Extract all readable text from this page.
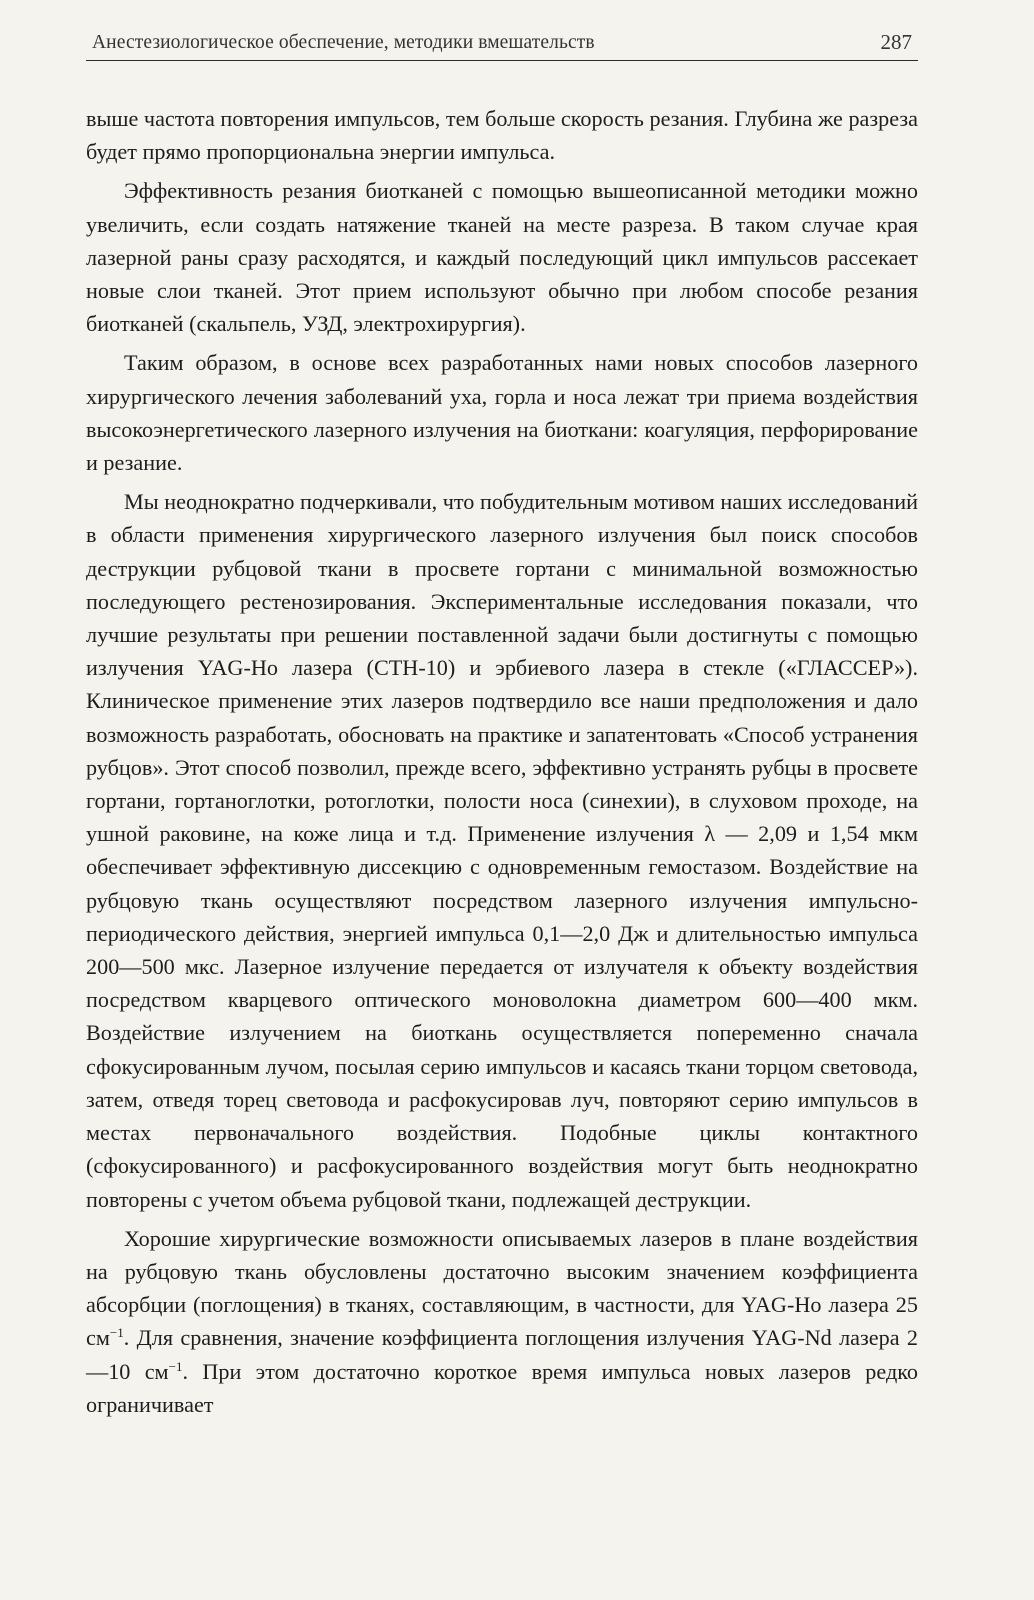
Анестезиологическое обеспечение, методики вмешательств	287

выше частота повторения импульсов, тем больше скорость резания. Глубина же разреза будет прямо пропорциональна энергии импульса.

Эффективность резания биотканей с помощью вышеописанной методики можно увеличить, если создать натяжение тканей на месте разреза. В таком случае края лазерной раны сразу расходятся, и каждый последующий цикл импульсов рассекает новые слои тканей. Этот прием используют обычно при любом способе резания биотканей (скальпель, УЗД, электрохирургия).

Таким образом, в основе всех разработанных нами новых способов лазерного хирургического лечения заболеваний уха, горла и носа лежат три приема воздействия высокоэнергетического лазерного излучения на биоткани: коагуляция, перфорирование и резание.

Мы неоднократно подчеркивали, что побудительным мотивом наших исследований в области применения хирургического лазерного излучения был поиск способов деструкции рубцовой ткани в просвете гортани с минимальной возможностью последующего рестенозирования. Экспериментальные исследования показали, что лучшие результаты при решении поставленной задачи были достигнуты с помощью излучения YAG-Ho лазера (СТН-10) и эрбиевого лазера в стекле («ГЛАССЕР»). Клиническое применение этих лазеров подтвердило все наши предположения и дало возможность разработать, обосновать на практике и запатентовать «Способ устранения рубцов». Этот способ позволил, прежде всего, эффективно устранять рубцы в просвете гортани, гортаноглотки, ротоглотки, полости носа (синехии), в слуховом проходе, на ушной раковине, на коже лица и т.д. Применение излучения λ — 2,09 и 1,54 мкм обеспечивает эффективную диссекцию с одновременным гемостазом. Воздействие на рубцовую ткань осуществляют посредством лазерного излучения импульсно-периодического действия, энергией импульса 0,1—2,0 Дж и длительностью импульса 200—500 мкс. Лазерное излучение передается от излучателя к объекту воздействия посредством кварцевого оптического моноволокна диаметром 600—400 мкм. Воздействие излучением на биоткань осуществляется попеременно сначала сфокусированным лучом, посылая серию импульсов и касаясь ткани торцом световода, затем, отведя торец световода и расфокусировав луч, повторяют серию импульсов в местах первоначального воздействия. Подобные циклы контактного (сфокусированного) и расфокусированного воздействия могут быть неоднократно повторены с учетом объема рубцовой ткани, подлежащей деструкции.

Хорошие хирургические возможности описываемых лазеров в плане воздействия на рубцовую ткань обусловлены достаточно высоким значением коэффициента абсорбции (поглощения) в тканях, составляющим, в частности, для YAG-Ho лазера 25 $см^{-1}$. Для сравнения, значение коэффициента поглощения излучения YAG-Nd лазера 2—10 $см^{-1}$. При этом достаточно короткое время импульса новых лазеров редко ограничивает
